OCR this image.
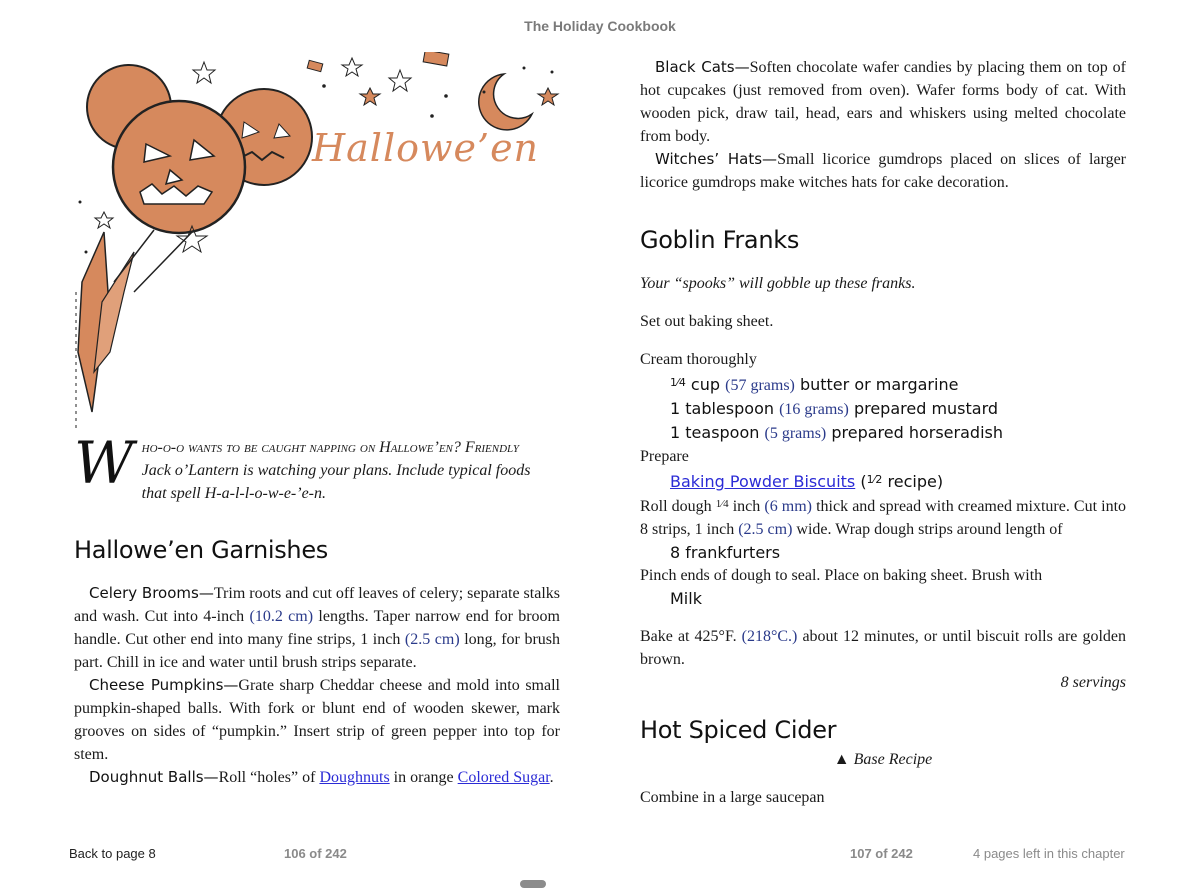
The Holiday Cookbook
Hallowe’en
W ho-o-o wants to be caught napping on Hallowe’en? Friendly
Jack o’Lantern is watching your plans. Include typical foods
that spell H-a-l-l-o-w-e-’e-n.
Hallowe’en Garnishes
Celery Brooms—Trim roots and cut off leaves of celery; separate stalks and wash. Cut into 4-inch (10.2 cm) lengths. Taper narrow end for broom handle. Cut other end into many fine strips, 1 inch (2.5 cm) long, for brush part. Chill in ice and water until brush strips separate.
Cheese Pumpkins—Grate sharp Cheddar cheese and mold into small pumpkin-shaped balls. With fork or blunt end of wooden skewer, mark grooves on sides of “pumpkin.” Insert strip of green pepper into top for stem.
Doughnut Balls—Roll “holes” of Doughnuts in orange Colored Sugar.
Black Cats—Soften chocolate wafer candies by placing them on top of hot cupcakes (just removed from oven). Wafer forms body of cat. With wooden pick, draw tail, head, ears and whiskers using melted chocolate from body.
Witches’ Hats—Small licorice gumdrops placed on slices of larger licorice gumdrops make witches hats for cake decoration.
Goblin Franks
Your “spooks” will gobble up these franks.
Set out baking sheet.
Cream thoroughly
$^{1⁄4}$ cup (57 grams) butter or margarine
1 tablespoon (16 grams) prepared mustard
1 teaspoon (5 grams) prepared horseradish
Prepare
Baking Powder Biscuits ($^{1⁄2}$ recipe)
Roll dough $^{1⁄4}$ inch (6 mm) thick and spread with creamed mixture. Cut into 8 strips, 1 inch (2.5 cm) wide. Wrap dough strips around length of
8 frankfurters
Pinch ends of dough to seal. Place on baking sheet. Brush with
Milk
Bake at 425°F. (218°C.) about 12 minutes, or until biscuit rolls are golden brown.
8 servings
Hot Spiced Cider
▲ Base Recipe
Combine in a large saucepan
Back to page 8	106 of 242	107 of 242	4 pages left in this chapter
